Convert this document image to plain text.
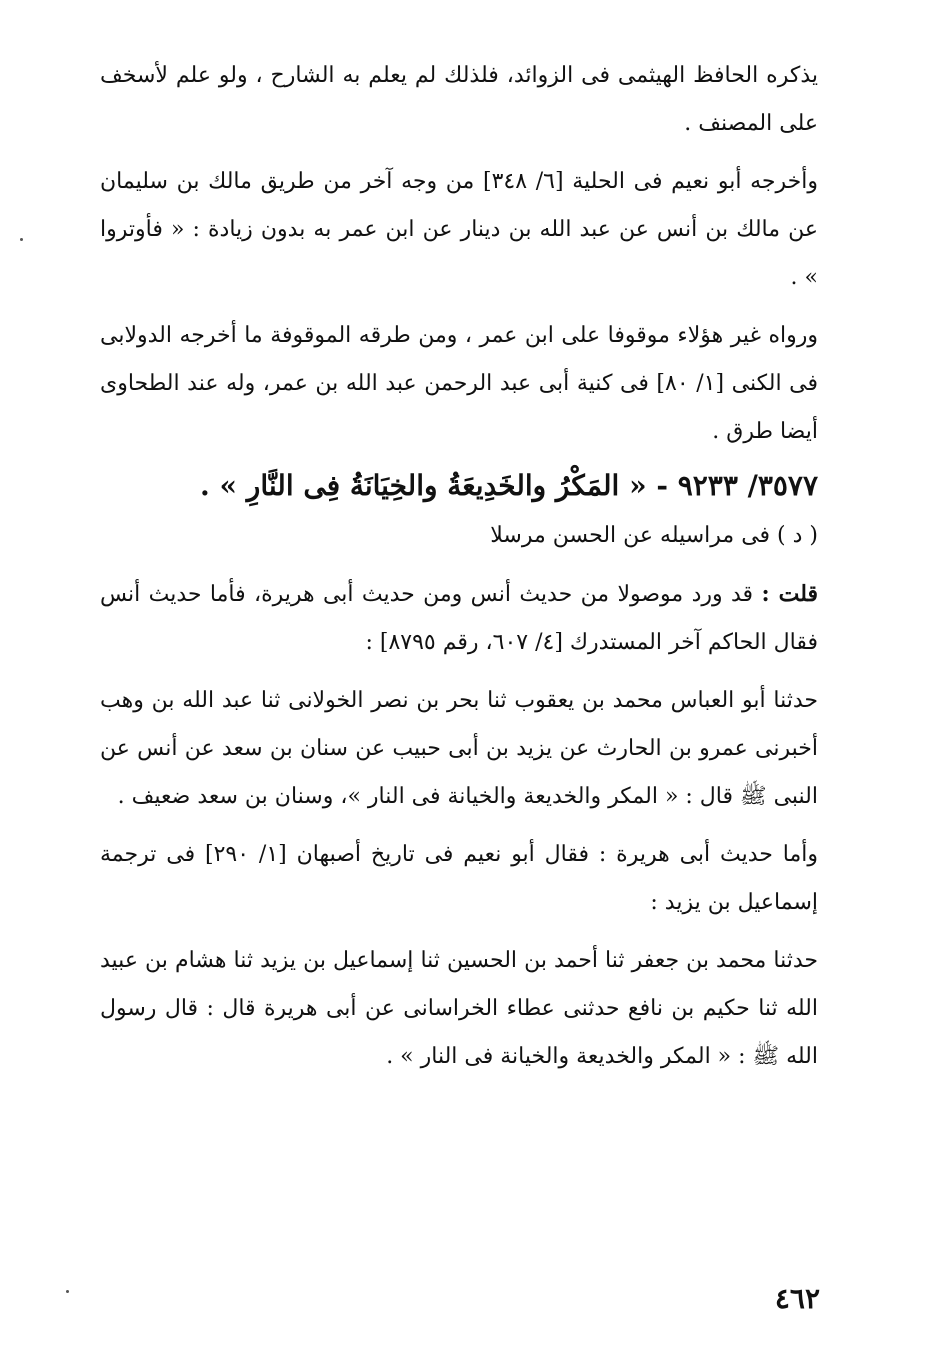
يذكره الحافظ الهيثمى فى الزوائد، فلذلك لم يعلم به الشارح ، ولو علم لأسخف على المصنف .

وأخرجه أبو نعيم فى الحلية [٦/ ٣٤٨] من وجه آخر من طريق مالك بن سليمان عن مالك بن أنس عن عبد الله بن دينار عن ابن عمر به بدون زيادة : « فأوتروا » .

ورواه غير هؤلاء موقوفا على ابن عمر ، ومن طرقه الموقوفة ما أخرجه الدولابى فى الكنى [١/ ٨٠] فى كنية أبى عبد الرحمن عبد الله بن عمر، وله عند الطحاوى أيضا طرق .

٣٥٧٧/ ٩٢٣٣ - « المَكْرُ والخَدِيعَةُ والخِيَانَةُ فِى النَّارِ » .

( د ) فى مراسيله عن الحسن مرسلا

قلت : قد ورد موصولا من حديث أنس ومن حديث أبى هريرة، فأما حديث أنس فقال الحاكم آخر المستدرك [٤/ ٦٠٧، رقم ٨٧٩٥] :

حدثنا أبو العباس محمد بن يعقوب ثنا بحر بن نصر الخولانى ثنا عبد الله بن وهب أخبرنى عمرو بن الحارث عن يزيد بن أبى حبيب عن سنان بن سعد عن أنس عن النبى ﷺ قال : « المكر والخديعة والخيانة فى النار »، وسنان بن سعد ضعيف .

وأما حديث أبى هريرة : فقال أبو نعيم فى تاريخ أصبهان [١/ ٢٩٠] فى ترجمة إسماعيل بن يزيد :

حدثنا محمد بن جعفر ثنا أحمد بن الحسين ثنا إسماعيل بن يزيد ثنا هشام بن عبيد الله ثنا حكيم بن نافع حدثنى عطاء الخراسانى عن أبى هريرة قال : قال رسول الله ﷺ : « المكر والخديعة والخيانة فى النار » .

٤٦٢
